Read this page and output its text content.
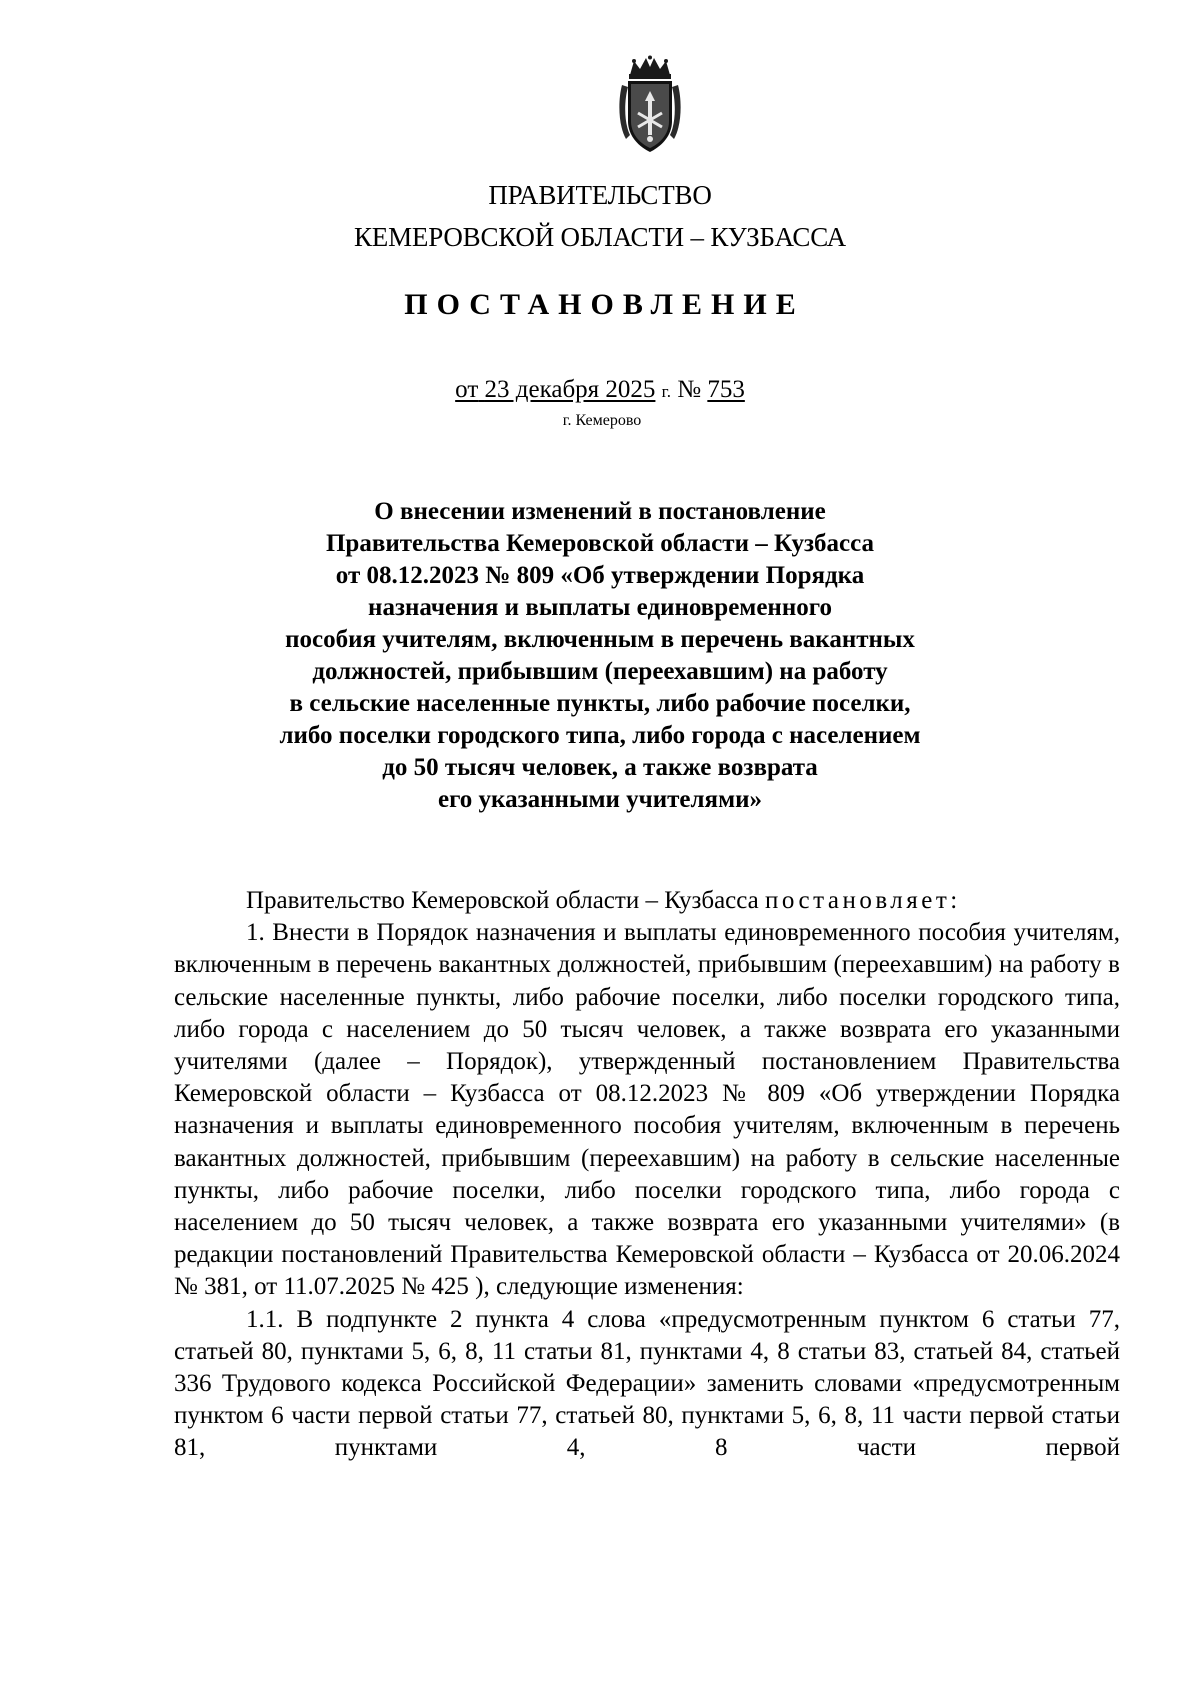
ПРАВИТЕЛЬСТВО
КЕМЕРОВСКОЙ ОБЛАСТИ – КУЗБАССА
ПОСТАНОВЛЕНИЕ
от 23 декабря 2025 г. № 753
г. Кемерово
О внесении изменений в постановление
Правительства Кемеровской области – Кузбасса
от 08.12.2023 № 809 «Об утверждении Порядка
назначения и выплаты единовременного
пособия учителям, включенным в перечень вакантных
должностей, прибывшим (переехавшим) на работу
в сельские населенные пункты, либо рабочие поселки,
либо поселки городского типа, либо города с населением
до 50 тысяч человек, а также возврата
его указанными учителями»

Правительство Кемеровской области – Кузбасса постановляет:

1. Внести в Порядок назначения и выплаты единовременного пособия учителям, включенным в перечень вакантных должностей, прибывшим (переехавшим) на работу в сельские населенные пункты, либо рабочие поселки, либо поселки городского типа, либо города с населением до 50 тысяч человек, а также возврата его указанными учителями (далее – Порядок), утвержденный постановлением Правительства Кемеровской области – Кузбасса от 08.12.2023 № 809 «Об утверждении Порядка назначения и выплаты единовременного пособия учителям, включенным в перечень вакантных должностей, прибывшим (переехавшим) на работу в сельские населенные пункты, либо рабочие поселки, либо поселки городского типа, либо города с населением до 50 тысяч человек, а также возврата его указанными учителями» (в редакции постановлений Правительства Кемеровской области – Кузбасса от 20.06.2024 № 381, от 11.07.2025 № 425 ), следующие изменения:

1.1. В подпункте 2 пункта 4 слова «предусмотренным пунктом 6 статьи 77, статьей 80, пунктами 5, 6, 8, 11 статьи 81, пунктами 4, 8 статьи 83, статьей 84, статьей 336 Трудового кодекса Российской Федерации» заменить словами «предусмотренным пунктом 6 части первой статьи 77, статьей 80, пунктами 5, 6, 8, 11 части первой статьи 81, пунктами 4, 8 части первой
